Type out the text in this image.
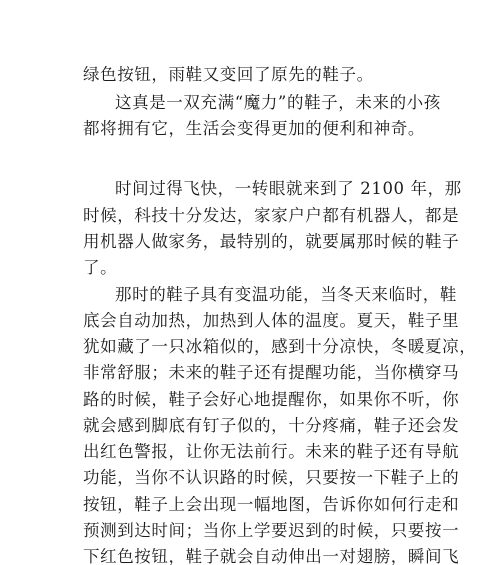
绿色按钮，雨鞋又变回了原先的鞋子。
这真是一双充满“魔力”的鞋子，未来的小孩
都将拥有它，生活会变得更加的便利和神奇。
时间过得飞快，一转眼就来到了 2100 年，那
时候，科技十分发达，家家户户都有机器人，都是
用机器人做家务，最特别的，就要属那时候的鞋子
了。
那时的鞋子具有变温功能，当冬天来临时，鞋
底会自动加热，加热到人体的温度。夏天，鞋子里
犹如藏了一只冰箱似的，感到十分凉快，冬暖夏凉，
非常舒服；未来的鞋子还有提醒功能，当你横穿马
路的时候，鞋子会好心地提醒你，如果你不听，你
就会感到脚底有钉子似的，十分疼痛，鞋子还会发
出红色警报，让你无法前行。未来的鞋子还有导航
功能，当你不认识路的时候，只要按一下鞋子上的
按钮，鞋子上会出现一幅地图，告诉你如何行走和
预测到达时间；当你上学要迟到的时候，只要按一
下红色按钮，鞋子就会自动伸出一对翅膀，瞬间飞
